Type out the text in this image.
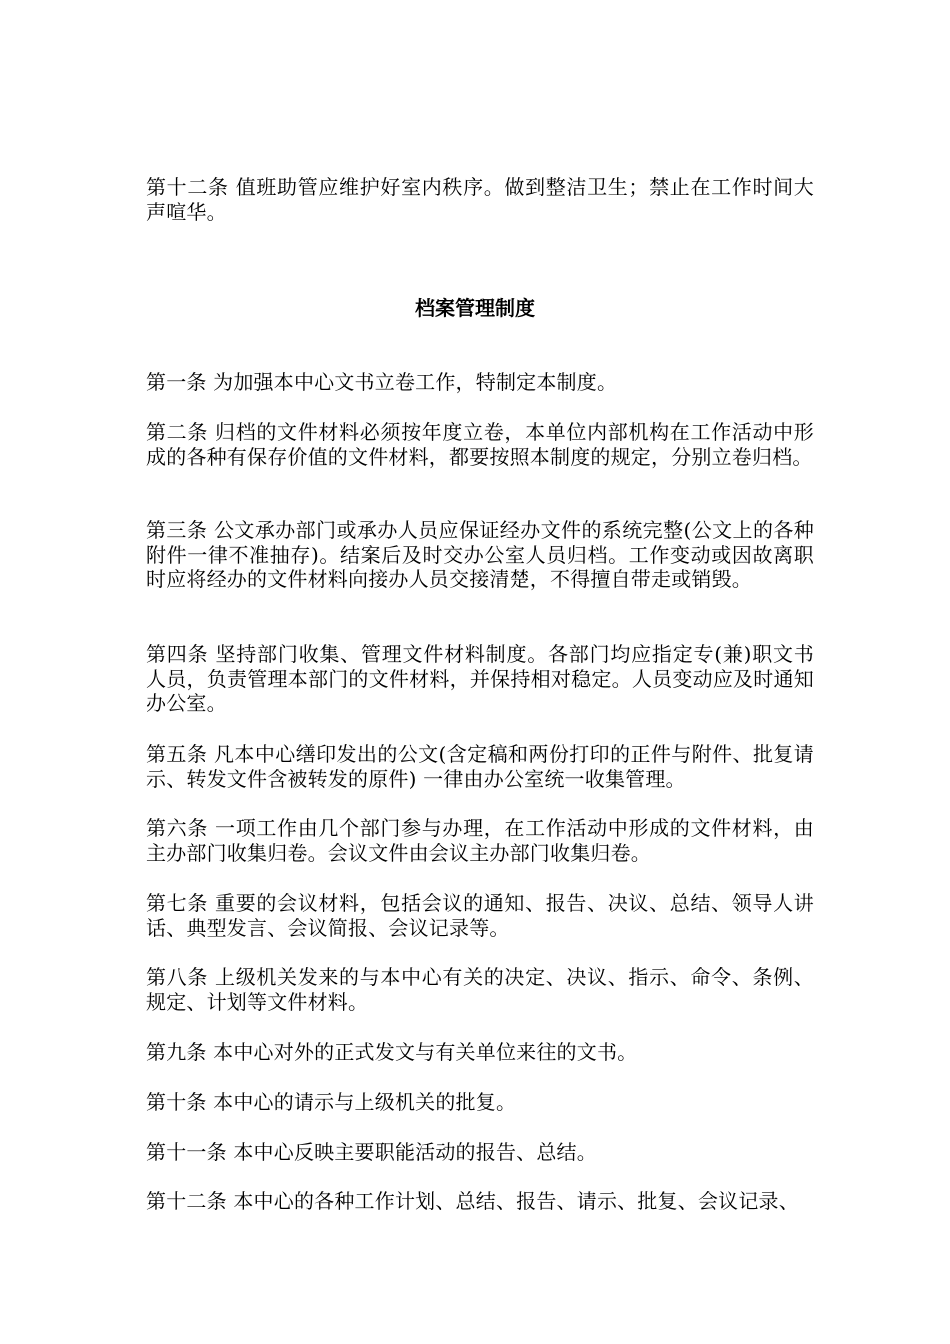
第十二条 值班助管应维护好室内秩序。做到整洁卫生；禁止在工作时间大声喧华。

档案管理制度

第一条 为加强本中心文书立卷工作，特制定本制度。

第二条 归档的文件材料必须按年度立卷，本单位内部机构在工作活动中形成的各种有保存价值的文件材料，都要按照本制度的规定，分别立卷归档。

第三条 公文承办部门或承办人员应保证经办文件的系统完整(公文上的各种附件一律不准抽存)。结案后及时交办公室人员归档。工作变动或因故离职时应将经办的文件材料向接办人员交接清楚，不得擅自带走或销毁。

第四条 坚持部门收集、管理文件材料制度。各部门均应指定专(兼)职文书人员，负责管理本部门的文件材料，并保持相对稳定。人员变动应及时通知办公室。

第五条 凡本中心缮印发出的公文(含定稿和两份打印的正件与附件、批复请示、转发文件含被转发的原件) 一律由办公室统一收集管理。

第六条 一项工作由几个部门参与办理，在工作活动中形成的文件材料，由主办部门收集归卷。会议文件由会议主办部门收集归卷。

第七条 重要的会议材料，包括会议的通知、报告、决议、总结、领导人讲话、典型发言、会议简报、会议记录等。

第八条 上级机关发来的与本中心有关的决定、决议、指示、命令、条例、规定、计划等文件材料。

第九条 本中心对外的正式发文与有关单位来往的文书。

第十条 本中心的请示与上级机关的批复。

第十一条 本中心反映主要职能活动的报告、总结。

第十二条 本中心的各种工作计划、总结、报告、请示、批复、会议记录、
